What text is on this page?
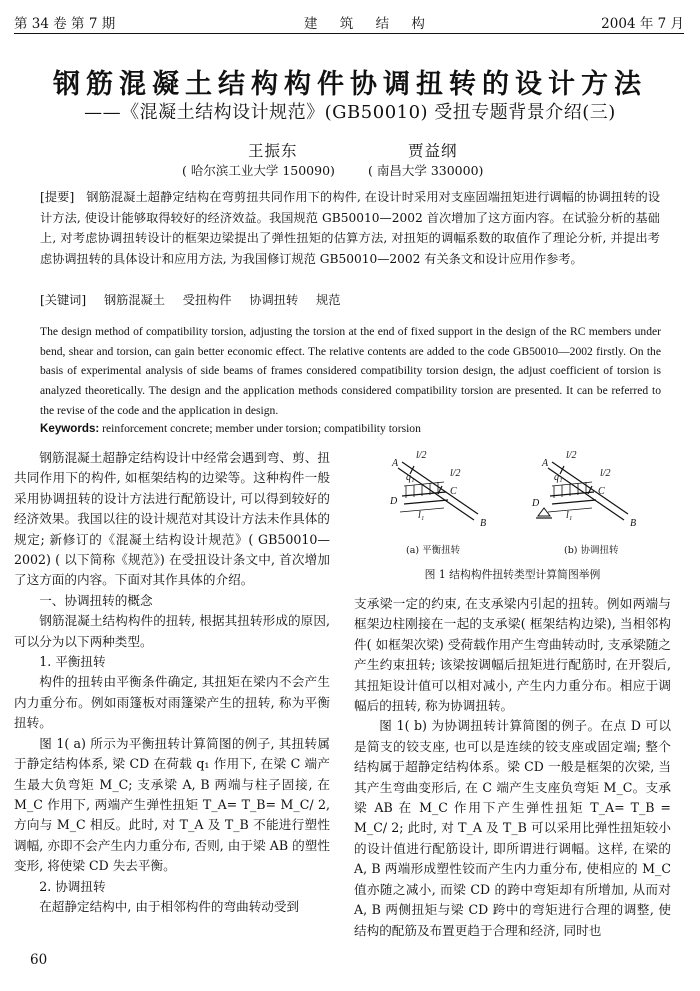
第 34 卷 第 7 期	建 筑 结 构	2004 年 7 月
钢筋混凝土结构构件协调扭转的设计方法
——《混凝土结构设计规范》(GB50010) 受扭专题背景介绍(三)
王振东	贾益纲
( 哈尔滨工业大学 150090)	( 南昌大学 330000)
[提要] 钢筋混凝土超静定结构在弯剪扭共同作用下的构件, 在设计时采用对支座固端扭矩进行调幅的协调扭转的设计方法, 使设计能够取得较好的经济效益。我国规范 GB50010—2002 首次增加了这方面内容。在试验分析的基础上, 对考虑协调扭转设计的框架边梁提出了弹性扭矩的估算方法, 对扭矩的调幅系数的取值作了理论分析, 并提出考虑协调扭转的具体设计和应用方法, 为我国修订规范 GB50010—2002 有关条文和设计应用作参考。
[关键词] 钢筋混凝土 受扭构件 协调扭转 规范
The design method of compatibility torsion, adjusting the torsion at the end of fixed support in the design of the RC members under bend, shear and torsion, can gain better economic effect. The relative contents are added to the code GB50010—2002 firstly. On the basis of experimental analysis of side beams of frames considered compatibility torsion design, the adjust coefficient of torsion is analyzed theoretically. The design and the application methods considered compatibility torsion are presented. It can be referred to the revise of the code and the application in design.
Keywords: reinforcement concrete; member under torsion; compatibility torsion

钢筋混凝土超静定结构设计中经常会遇到弯、剪、扭共同作用下的构件, 如框架结构的边梁等。这种构件一般采用协调扭转的设计方法进行配筋设计, 可以得到较好的经济效果。我国以往的设计规范对其设计方法未作具体的规定; 新修订的《混凝土结构设计规范》( GB50010—2002) ( 以下简称《规范》) 在受扭设计条文中, 首次增加了这方面的内容。下面对其作具体的介绍。

一、协调扭转的概念

钢筋混凝土结构构件的扭转, 根据其扭转形成的原因, 可以分为以下两种类型。

1. 平衡扭转

构件的扭转由平衡条件确定, 其扭矩在梁内不会产生内力重分布。例如雨篷板对雨篷梁产生的扭转, 称为平衡扭转。

图 1( a) 所示为平衡扭转计算简图的例子, 其扭转属于静定结构体系, 梁 CD 在荷载 q₁ 作用下, 在梁 C 端产生最大负弯矩 M_C; 支承梁 A, B 两端与柱子固接, 在 M_C 作用下, 两端产生弹性扭矩 T_A= T_B= M_C/ 2, 方向与 M_C 相反。此时, 对 T_A 及 T_B 不能进行塑性调幅, 亦即不会产生内力重分布, 否则, 由于梁 AB 的塑性变形, 将使梁 CD 失去平衡。

2. 协调扭转

在超静定结构中, 由于相邻构件的弯曲转动受到

A
B
C
D
q₁
l₁
l/2
l/2
A
B
C
D
q₁
l₁
l/2
l/2
(a) 平衡扭转	(b) 协调扭转
图 1 结构构件扭转类型计算简图举例

支承梁一定的约束, 在支承梁内引起的扭转。例如两端与框架边柱刚接在一起的支承梁( 框架结构边梁), 当相邻构件( 如框架次梁) 受荷载作用产生弯曲转动时, 支承梁随之产生约束扭转; 该梁按调幅后扭矩进行配筋时, 在开裂后, 其扭矩设计值可以相对减小, 产生内力重分布。相应于调幅后的扭转, 称为协调扭转。

图 1( b) 为协调扭转计算简图的例子。在点 D 可以是简支的铰支座, 也可以是连续的铰支座或固定端; 整个结构属于超静定结构体系。梁 CD 一般是框架的次梁, 当其产生弯曲变形后, 在 C 端产生支座负弯矩 M_C。支承梁 AB 在 M_C 作用下产生弹性扭矩 T_A= T_B = M_C/ 2; 此时, 对 T_A 及 T_B 可以采用比弹性扭矩较小的设计值进行配筋设计, 即所谓进行调幅。这样, 在梁的 A, B 两端形成塑性铰而产生内力重分布, 使相应的 M_C 值亦随之减小, 而梁 CD 的跨中弯矩却有所增加, 从而对 A, B 两侧扭矩与梁 CD 跨中的弯矩进行合理的调整, 使结构的配筋及布置更趋于合理和经济, 同时也

60
